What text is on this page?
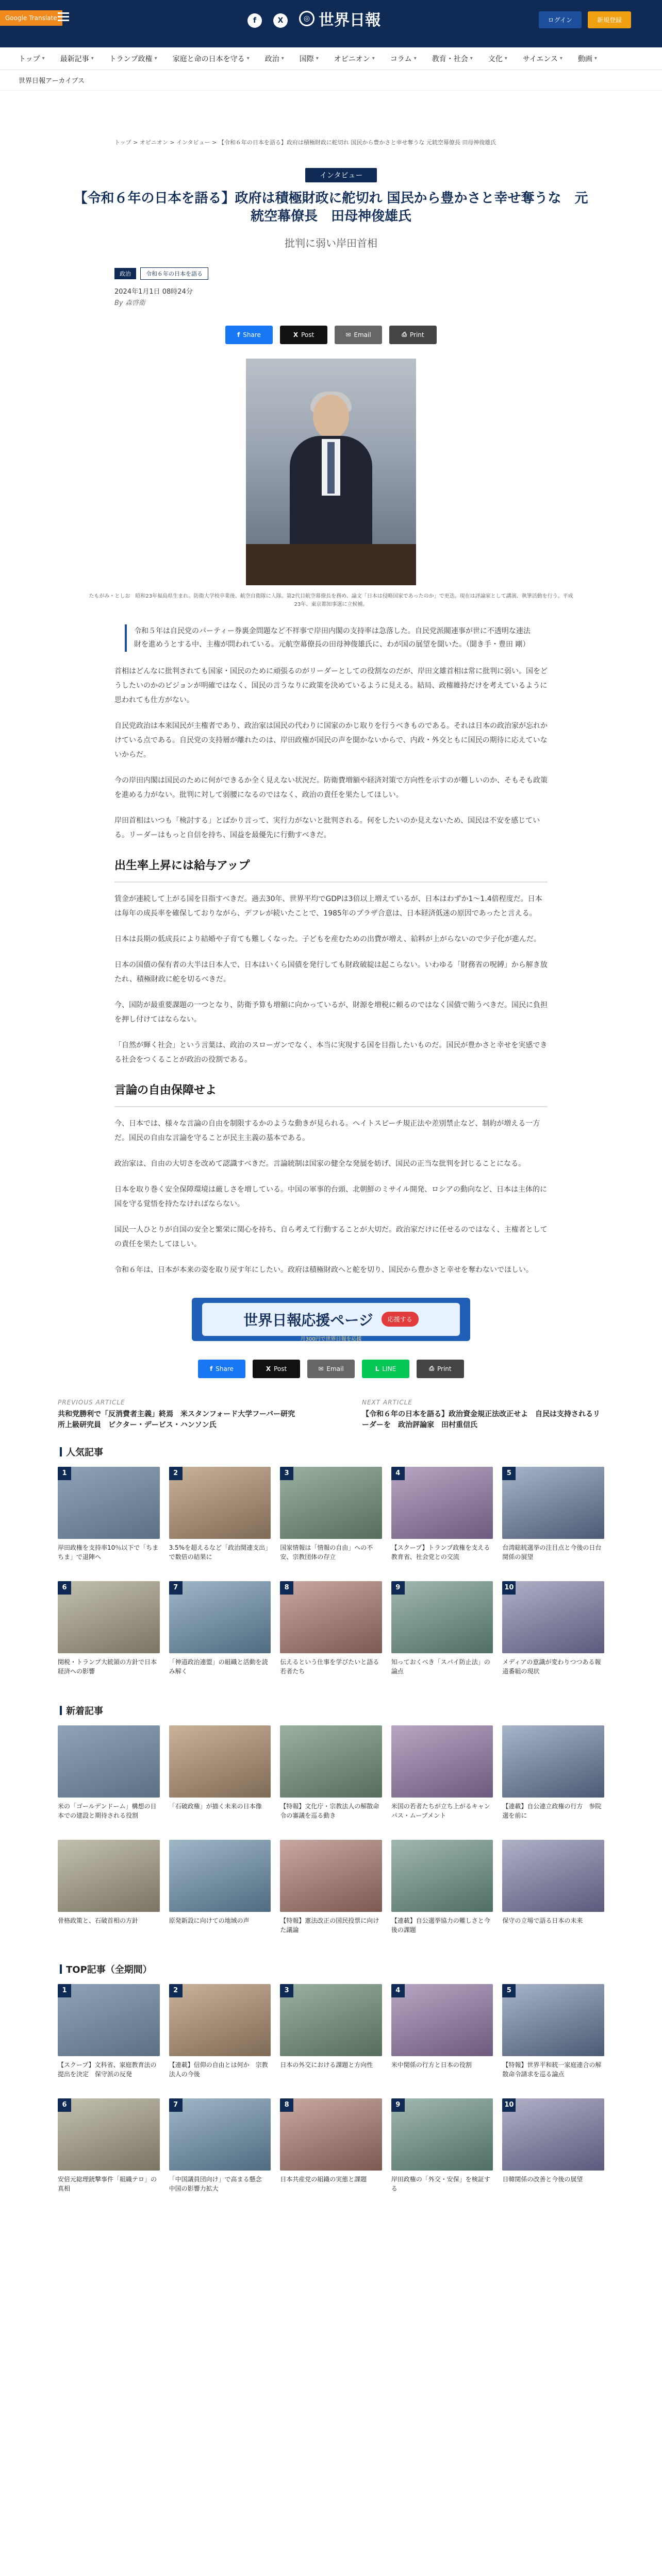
Google Translate	f	X	◎ 世界日報	ログイン	新規登録
トップ ▾	最新記事 ▾	トランプ政権 ▾	家庭と命の日本を守る ▾	政治 ▾	国際 ▾	オピニオン ▾	コラム ▾	教育・社会 ▾	文化 ▾	サイエンス ▾	動画 ▾
世界日報アーカイブス
トップ > オピニオン > インタビュー > 【令和６年の日本を語る】政府は積極財政に舵切れ 国民から豊かさと幸せ奪うな 元統空幕僚長 田母神俊雄氏
インタビュー
【令和６年の日本を語る】政府は積極財政に舵切れ 国民から豊かさと幸せ奪うな　元統空幕僚長　田母神俊雄氏
批判に弱い岸田首相
政治	令和６年の日本を語る
2024年1月1日 08時24分
By 森啓衛
f Share	X Post	✉ Email	⎙ Print
たもがみ・としお　昭和23年福島県生まれ。防衛大学校卒業後、航空自衛隊に入隊。第2代目航空幕僚長を務め、論文「日本は侵略国家であったのか」で更迭。現在は評論家として講演、執筆活動を行う。平成23年、東京都知事選に立候補。
令和５年は自民党のパーティー券裏金問題など不祥事で岸田内閣の支持率は急落した。自民党派閥連事が世に不透明な連法財を進めうとする中、主権が問われている。元航空幕僚長の田母神俊雄氏に、わが国の展望を聞いた。（聞き手・豊田 剛）

首相はどんなに批判されても国家・国民のために頑張るのがリーダーとしての役割なのだが、岸田文雄首相は常に批判に弱い。国をどうしたいのかのビジョンが明確ではなく、国民の言うなりに政策を決めているように見える。結局、政権維持だけを考えているように思われても仕方がない。

自民党政治は本来国民が主権者であり、政治家は国民の代わりに国家のかじ取りを行うべきものである。それは日本の政治家が忘れかけている点である。自民党の支持層が離れたのは、岸田政権が国民の声を聞かないからで、内政・外交ともに国民の期待に応えていないからだ。

今の岸田内閣は国民のために何ができるか全く見えない状況だ。防衛費増額や経済対策で方向性を示すのが難しいのか、そもそも政策を進める力がない。批判に対して弱腰になるのではなく、政治の責任を果たしてほしい。

岸田首相はいつも「検討する」とばかり言って、実行力がないと批判される。何をしたいのか見えないため、国民は不安を感じている。リーダーはもっと自信を持ち、国益を最優先に行動すべきだ。

出生率上昇には給与アップ

賃金が連続して上がる国を目指すべきだ。過去30年、世界平均でGDPは3倍以上増えているが、日本はわずか1～1.4倍程度だ。日本は毎年の成長率を確保しておりながら、デフレが続いたことで、1985年のプラザ合意は、日本経済低迷の原因であったと言える。

日本は長期の低成長により結婚や子育ても難しくなった。子どもを産むための出費が増え、給料が上がらないので少子化が進んだ。

日本の国債の保有者の大半は日本人で、日本はいくら国債を発行しても財政破綻は起こらない。いわゆる「財務省の呪縛」から解き放たれ、積極財政に舵を切るべきだ。

今、国防が最重要課題の一つとなり、防衛予算も増額に向かっているが、財源を増税に頼るのではなく国債で賄うべきだ。国民に負担を押し付けてはならない。

「自然が輝く社会」という言葉は、政治のスローガンでなく、本当に実現する国を目指したいものだ。国民が豊かさと幸せを実感できる社会をつくることが政治の役割である。

言論の自由保障せよ

今、日本では、様々な言論の自由を制限するかのような動きが見られる。ヘイトスピーチ規正法や差別禁止など、制約が増える一方だ。国民の自由な言論を守ることが民主主義の基本である。

政治家は、自由の大切さを改めて認識すべきだ。言論統制は国家の健全な発展を妨げ、国民の正当な批判を封じることになる。

日本を取り巻く安全保障環境は厳しさを増している。中国の軍事的台頭、北朝鮮のミサイル開発、ロシアの動向など、日本は主体的に国を守る覚悟を持たなければならない。

国民一人ひとりが自国の安全と繁栄に関心を持ち、自ら考えて行動することが大切だ。政治家だけに任せるのではなく、主権者としての責任を果たしてほしい。

令和６年は、日本が本来の姿を取り戻す年にしたい。政府は積極財政へと舵を切り、国民から豊かさと幸せを奪わないでほしい。

世界日報応援ページ	応援する
月300円で世界日報を応援
f Share	X Post	✉ Email	L LINE	⎙ Print
PREVIOUS ARTICLE
共和党勝利で「反消費者主義」終焉　米スタンフォード大学フーバー研究所上級研究員　ビクター・デービス・ハンソン氏
NEXT ARTICLE
【令和６年の日本を語る】政治資金規正法改正せよ　自民は支持されるリーダーを　政治評論家　田村重信氏
人気記事
1
岸田政権を支持率10％以下で「ちまちま」で退陣へ
2
3.5%を超えるなど「政治関連支出」で数倍の結果に
3
国家情報は「情報の自由」への不安、宗教団体の存立
4
【スクープ】トランプ政権を支える教育省、社会党との交流
5
台湾総統選挙の注目点と今後の日台関係の展望
6
関税・トランプ大統領の方針で日本経済への影響
7
「神道政治連盟」の組織と活動を読み解く
8
伝えるという仕事を学びたいと語る若者たち
9
知っておくべき「スパイ防止法」の論点
10
メディアの意識が変わりつつある報道番組の現状
新着記事
米の「ゴールデンドーム」構想の日本での建設と期待される役割
「石破政権」が描く未来の日本像	【特報】文化庁・宗教法人の解散命令の審議を巡る動き
米国の若者たちが立ち上がるキャンパス・ムーブメント
【連載】自公連立政権の行方　参院選を前に
骨格政策と、石破首相の方針	原発新設に向けての地域の声	【特報】憲法改正の国民投票に向けた議論
【連載】自公選挙協力の難しさと今後の課題
保守の立場で語る日本の未来
TOP記事（全期間）
1
【スクープ】文科省、家庭教育法の提出を決定　保守派の反発
2
【連載】信仰の自由とは何か　宗教法人の今後
3
日本の外交における課題と方向性
4
米中関係の行方と日本の役割
5
【特報】世界平和統一家庭連合の解散命令請求を巡る論点
6
安倍元総理銃撃事件「組織テロ」の真相
7
「中国議員団向け」で高まる懸念　中国の影響力拡大
8
日本共産党の組織の実態と課題
9
岸田政権の「外交・安保」を検証する
10
日韓関係の改善と今後の展望
